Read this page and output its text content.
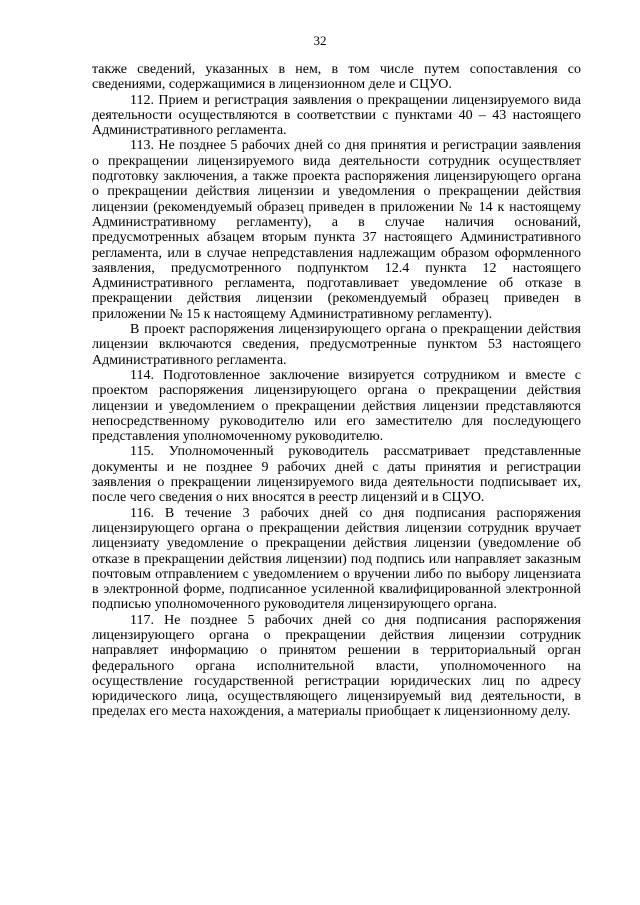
32

также сведений, указанных в нем, в том числе путем сопоставления со сведениями, содержащимися в лицензионном деле и СЦУО.

112. Прием и регистрация заявления о прекращении лицензируемого вида деятельности осуществляются в соответствии с пунктами 40 – 43 настоящего Административного регламента.

113. Не позднее 5 рабочих дней со дня принятия и регистрации заявления о прекращении лицензируемого вида деятельности сотрудник осуществляет подготовку заключения, а также проекта распоряжения лицензирующего органа о прекращении действия лицензии и уведомления о прекращении действия лицензии (рекомендуемый образец приведен в приложении № 14 к настоящему Административному регламенту), а в случае наличия оснований, предусмотренных абзацем вторым пункта 37 настоящего Административного регламента, или в случае непредставления надлежащим образом оформленного заявления, предусмотренного подпунктом 12.4 пункта 12 настоящего Административного регламента, подготавливает уведомление об отказе в прекращении действия лицензии (рекомендуемый образец приведен в приложении № 15 к настоящему Административному регламенту).

В проект распоряжения лицензирующего органа о прекращении действия лицензии включаются сведения, предусмотренные пунктом 53 настоящего Административного регламента.

114. Подготовленное заключение визируется сотрудником и вместе с проектом распоряжения лицензирующего органа о прекращении действия лицензии и уведомлением о прекращении действия лицензии представляются непосредственному руководителю или его заместителю для последующего представления уполномоченному руководителю.

115. Уполномоченный руководитель рассматривает представленные документы и не позднее 9 рабочих дней с даты принятия и регистрации заявления о прекращении лицензируемого вида деятельности подписывает их, после чего сведения о них вносятся в реестр лицензий и в СЦУО.

116. В течение 3 рабочих дней со дня подписания распоряжения лицензирующего органа о прекращении действия лицензии сотрудник вручает лицензиату уведомление о прекращении действия лицензии (уведомление об отказе в прекращении действия лицензии) под подпись или направляет заказным почтовым отправлением с уведомлением о вручении либо по выбору лицензиата в электронной форме, подписанное усиленной квалифицированной электронной подписью уполномоченного руководителя лицензирующего органа.

117. Не позднее 5 рабочих дней со дня подписания распоряжения лицензирующего органа о прекращении действия лицензии сотрудник направляет информацию о принятом решении в территориальный орган федерального органа исполнительной власти, уполномоченного на осуществление государственной регистрации юридических лиц по адресу юридического лица, осуществляющего лицензируемый вид деятельности, в пределах его места нахождения, а материалы приобщает к лицензионному делу.
